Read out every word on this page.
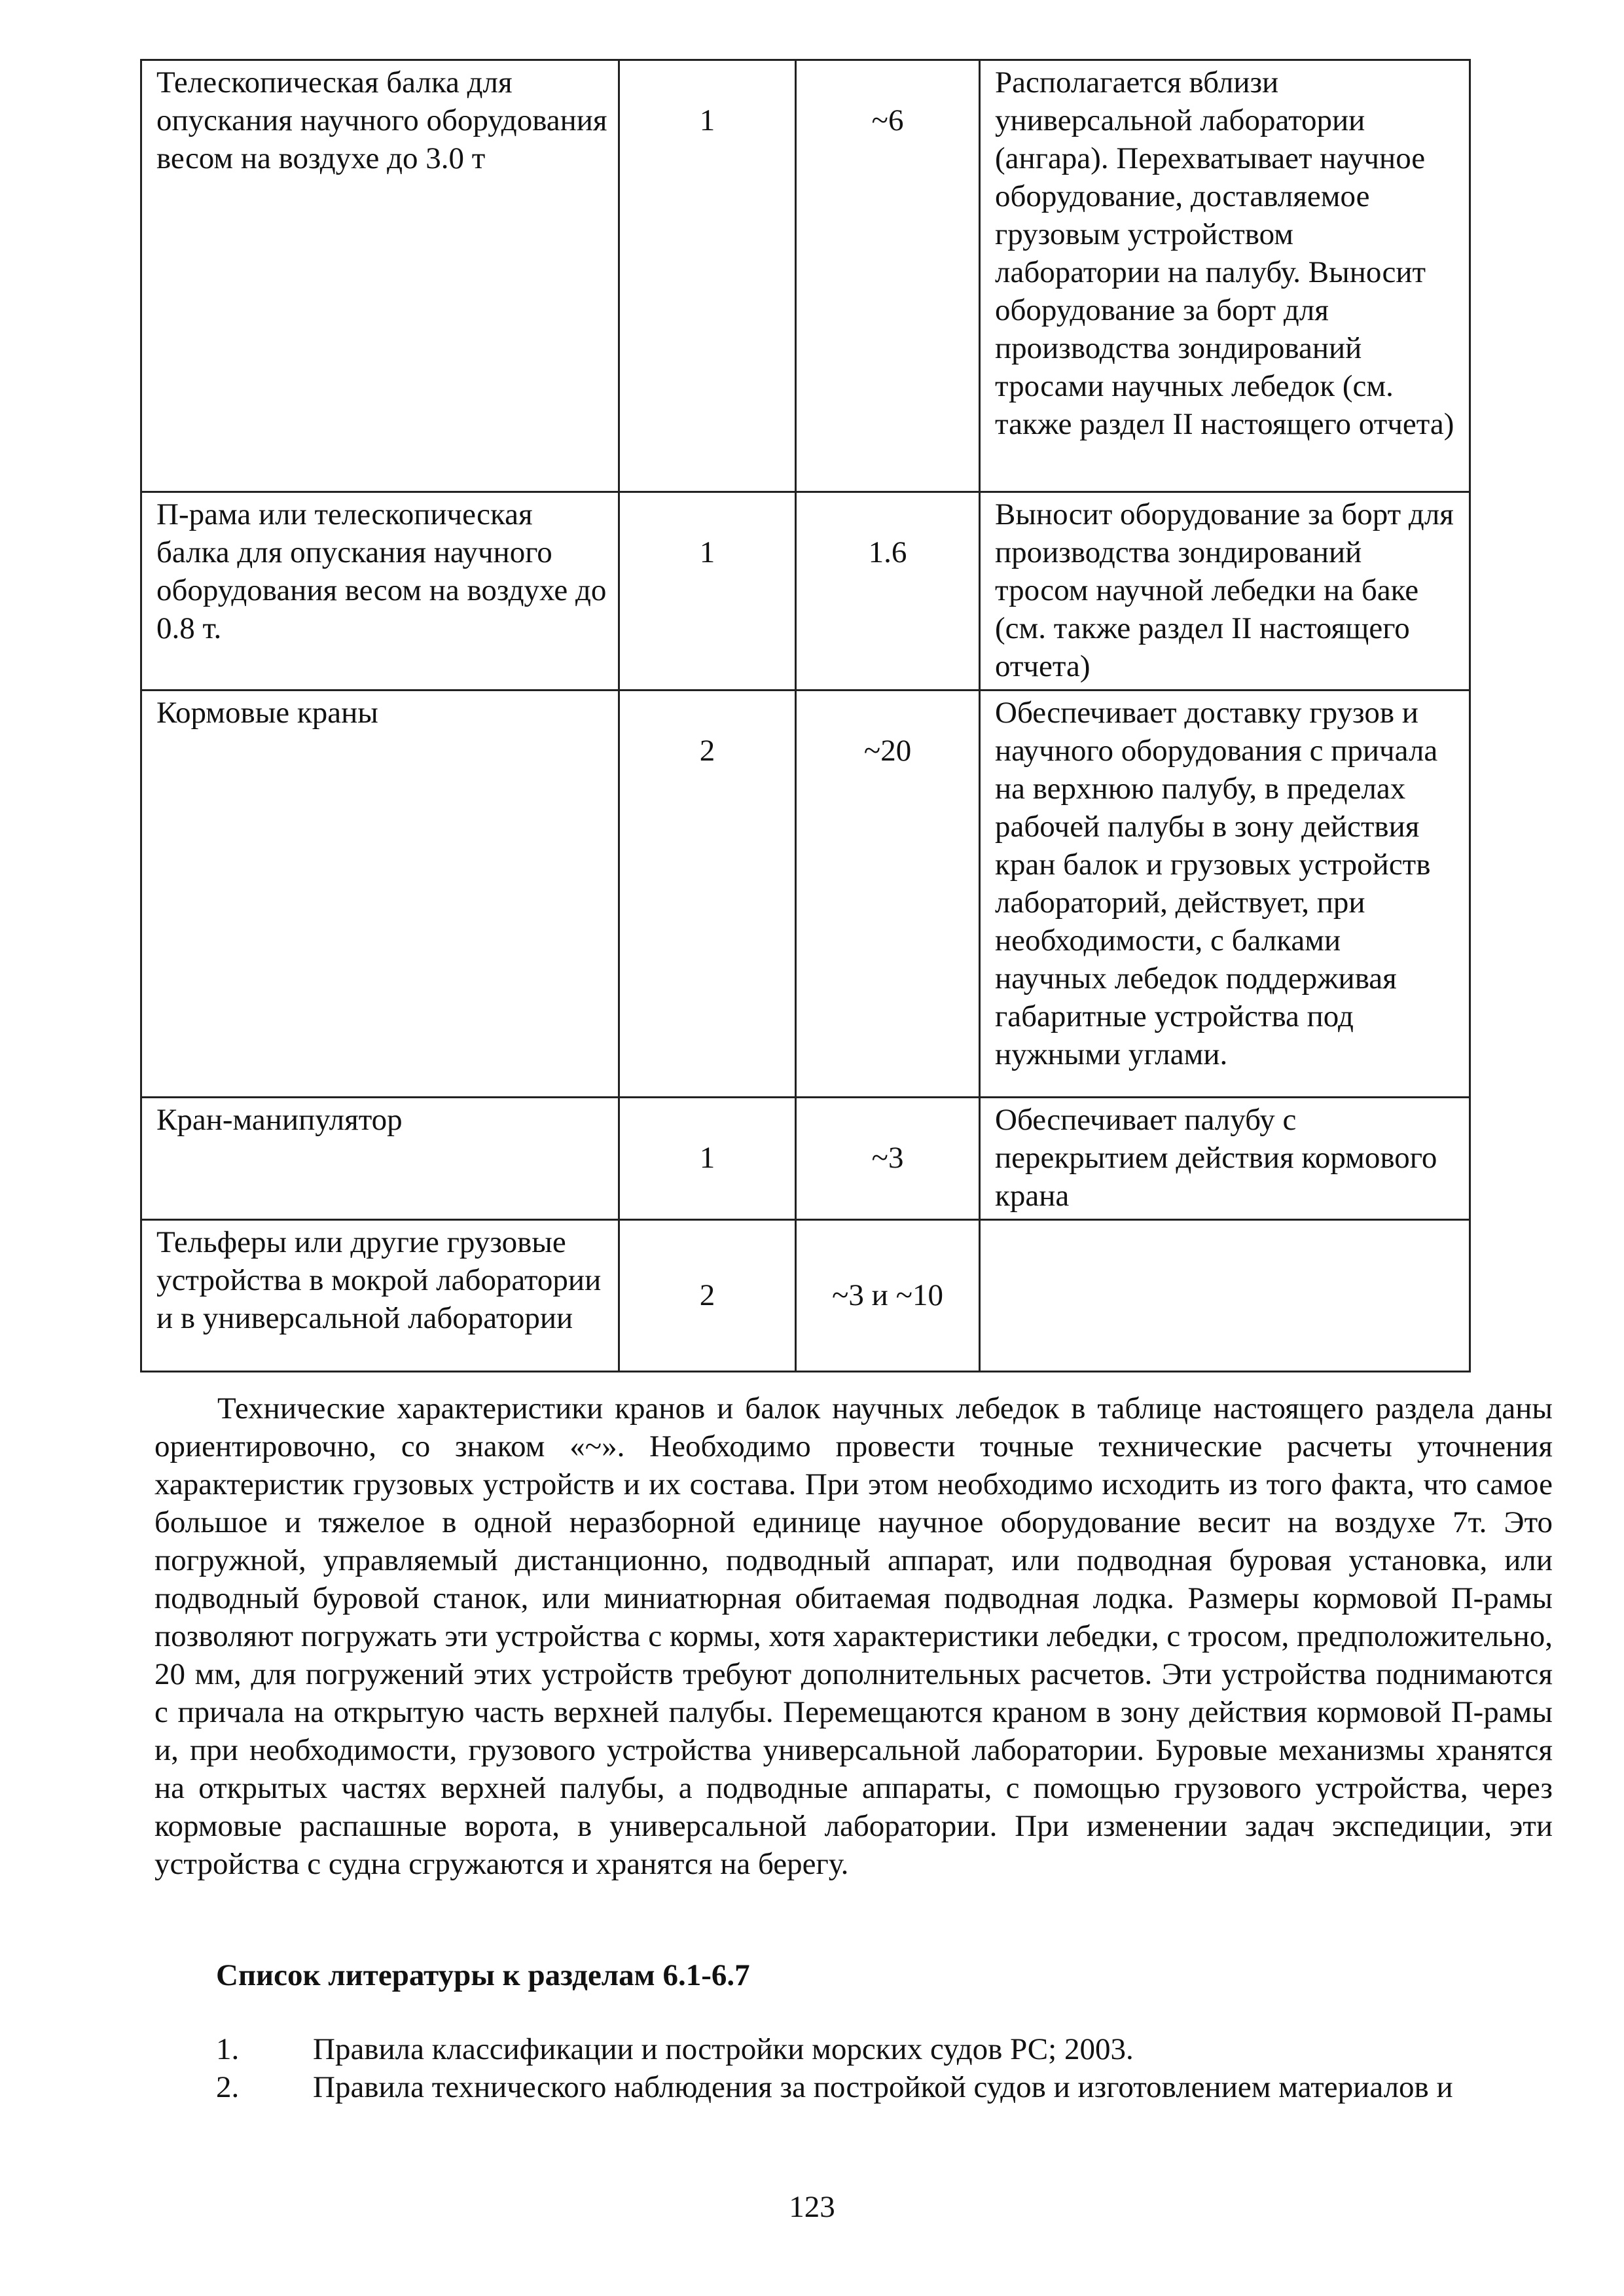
Телескопическая балка для опускания научного оборудования весом на воздухе до 3.0 т	1	~6	Располагается вблизи универсальной лаборатории (ангара). Перехватывает научное оборудование, доставляемое грузовым устройством лаборатории на палубу. Выносит оборудование за борт для производства зондирований тросами научных лебедок (см. также раздел II настоящего отчета)
П-рама или телескопическая балка для опускания научного оборудования весом на воздухе до 0.8 т.	1	1.6	Выносит оборудование за борт для производства зондирований тросом научной лебедки на баке (см. также раздел II настоящего отчета)
Кормовые краны	2	~20	Обеспечивает доставку грузов и научного оборудования с причала на верхнюю палубу, в пределах рабочей палубы в зону действия кран балок и грузовых устройств лабораторий, действует, при необходимости, с балками научных лебедок поддерживая габаритные устройства под нужными углами.
Кран-манипулятор	1	~3	Обеспечивает палубу с перекрытием действия кормового крана
Тельферы или другие грузовые устройства в мокрой лаборатории и в универсальной лаборатории	2	~3 и ~10	

Технические характеристики кранов и балок научных лебедок в таблице настоящего раздела даны ориентировочно, со знаком «~». Необходимо провести точные технические расчеты уточнения характеристик грузовых устройств и их состава. При этом необходимо исходить из того факта, что самое большое и тяжелое в одной неразборной единице научное оборудование весит на воздухе 7т. Это погружной, управляемый дистанционно, подводный аппарат, или подводная буровая установка, или подводный буровой станок, или миниатюрная обитаемая подводная лодка. Размеры кормовой П-рамы позволяют погружать эти устройства с кормы, хотя характеристики лебедки, с тросом, предположительно, 20 мм, для погружений этих устройств требуют дополнительных расчетов. Эти устройства поднимаются с причала на открытую часть верхней палубы. Перемещаются краном в зону действия кормовой П-рамы и, при необходимости, грузового устройства универсальной лаборатории. Буровые механизмы хранятся на открытых частях верхней палубы, а подводные аппараты, с помощью грузового устройства, через кормовые распашные ворота, в универсальной лаборатории. При изменении задач экспедиции, эти устройства с судна сгружаются и хранятся на берегу.

Список литературы к разделам 6.1-6.7

1.	Правила классификации и постройки морских судов РС; 2003.
2.	Правила технического наблюдения за постройкой судов и изготовлением материалов и
123
